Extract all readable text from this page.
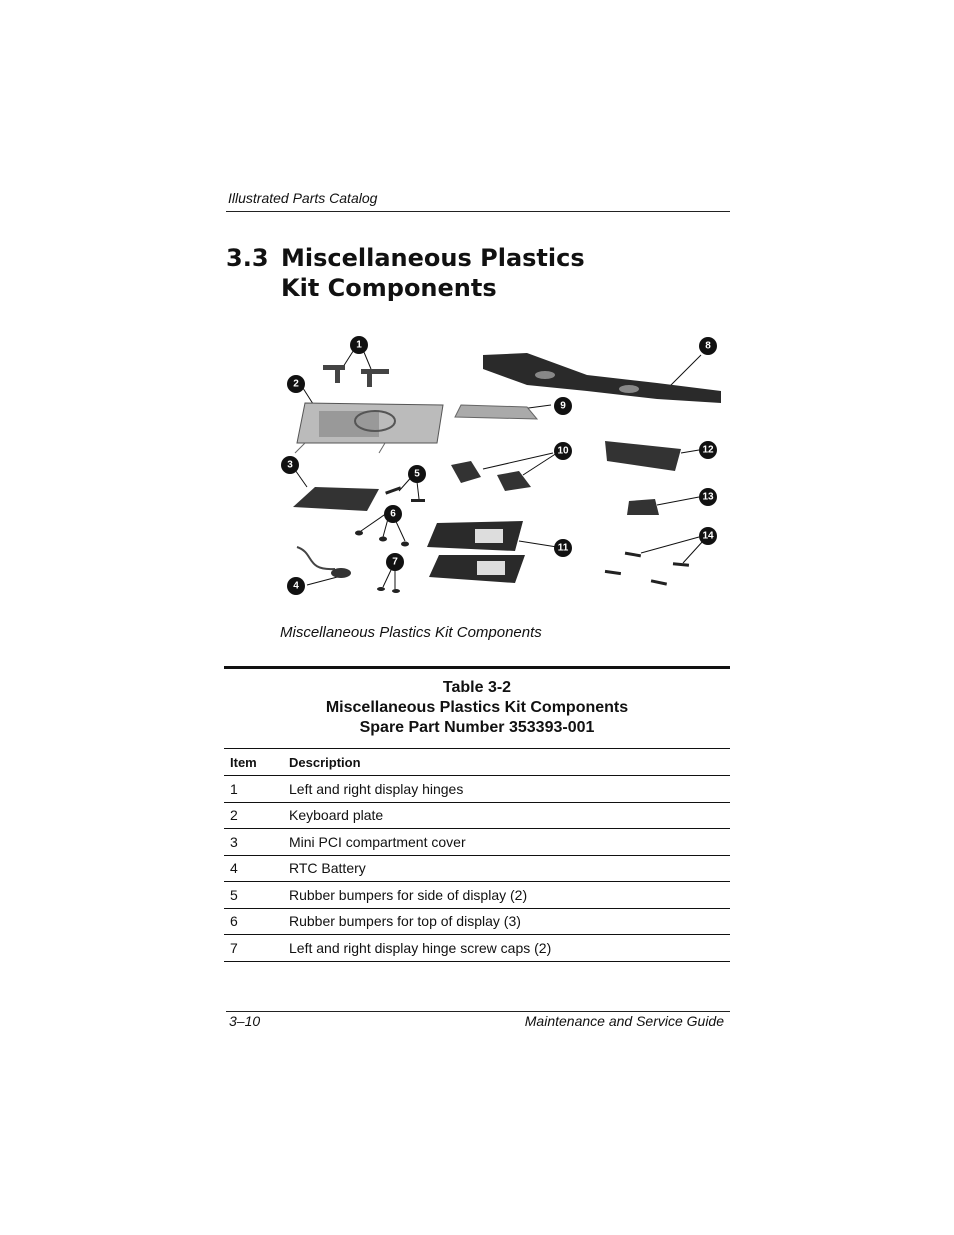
Illustrated Parts Catalog
3.3 Miscellaneous Plastics
Kit Components
1
2
3
4
5
6
7
8
9
10
11
12
13
14
Miscellaneous Plastics Kit Components
Table 3-2
Miscellaneous Plastics Kit Components
Spare Part Number 353393-001
Item	Description
1	Left and right display hinges
2	Keyboard plate
3	Mini PCI compartment cover
4	RTC Battery
5	Rubber bumpers for side of display (2)
6	Rubber bumpers for top of display (3)
7	Left and right display hinge screw caps (2)
3–10	Maintenance and Service Guide
